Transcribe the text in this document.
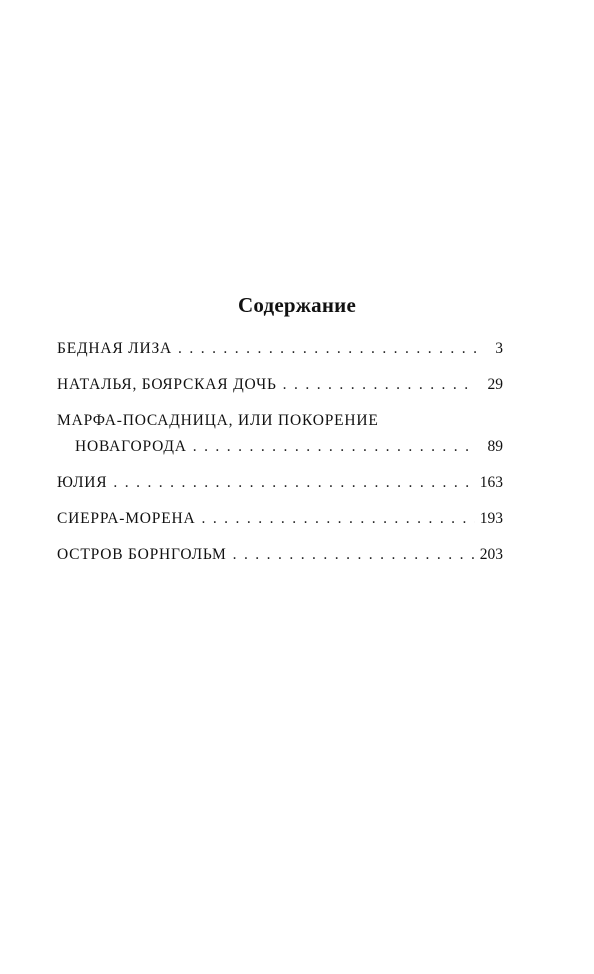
Содержание
БЕДНАЯ ЛИЗА . . .	3
НАТАЛЬЯ, БОЯРСКАЯ ДОЧЬ . . .	29
МАРФА-ПОСАДНИЦА, ИЛИ ПОКОРЕНИЕ
НОВАГОРОДА . . .	89
ЮЛИЯ . . .	163
СИЕРРА-МОРЕНА . . .	193
ОСТРОВ БОРНГОЛЬМ . . .	203
